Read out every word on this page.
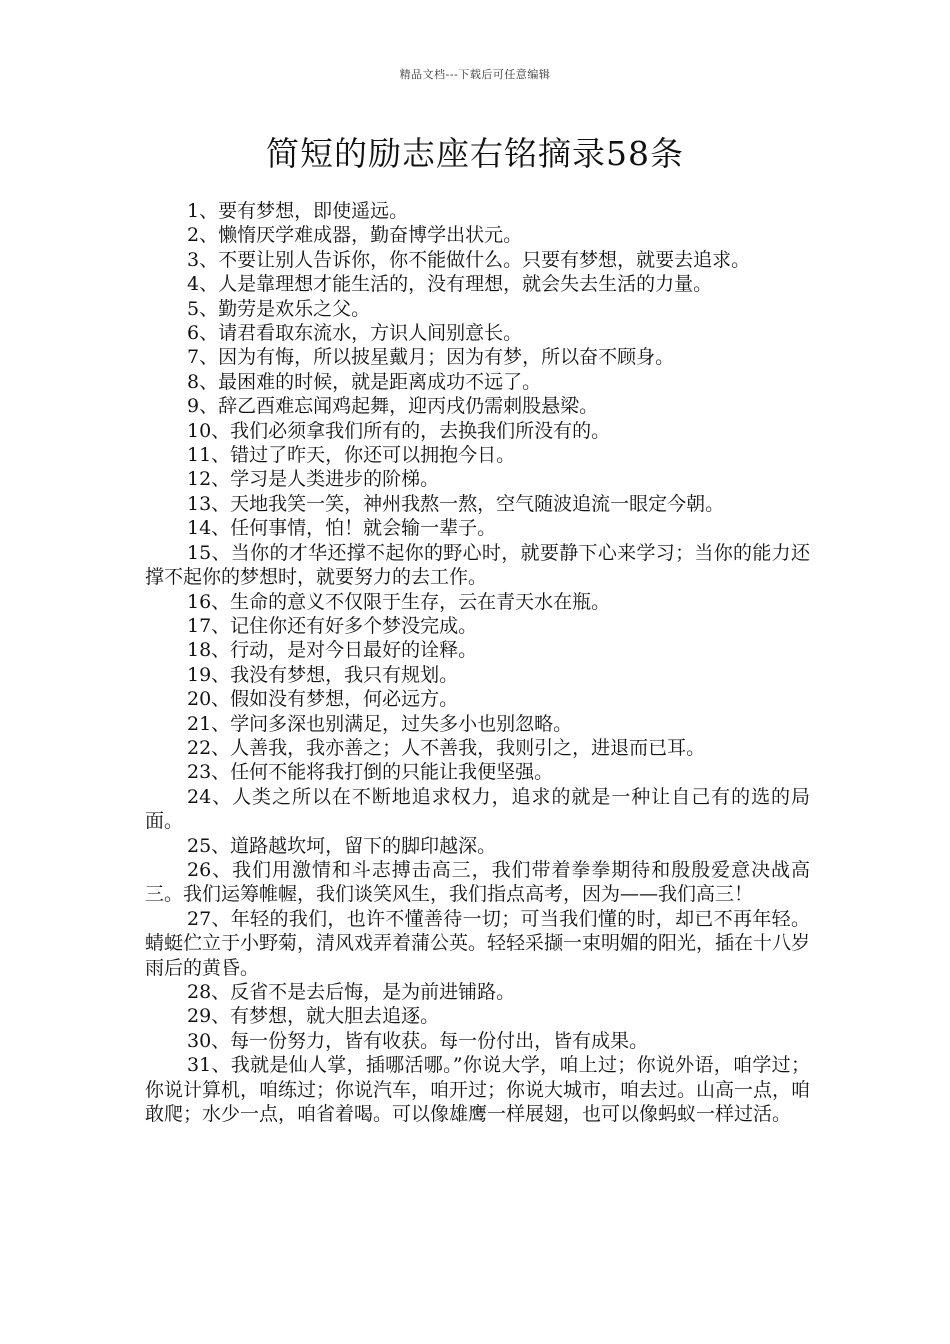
精品文档---下载后可任意编辑
简短的励志座右铭摘录58条

1、要有梦想，即使遥远。

2、懒惰厌学难成器，勤奋博学出状元。

3、不要让别人告诉你，你不能做什么。只要有梦想，就要去追求。

4、人是靠理想才能生活的，没有理想，就会失去生活的力量。

5、勤劳是欢乐之父。

6、请君看取东流水，方识人间别意长。

7、因为有悔，所以披星戴月；因为有梦，所以奋不顾身。

8、最困难的时候，就是距离成功不远了。

9、辞乙酉难忘闻鸡起舞，迎丙戌仍需刺股悬梁。

10、我们必须拿我们所有的，去换我们所没有的。

11、错过了昨天，你还可以拥抱今日。

12、学习是人类进步的阶梯。

13、天地我笑一笑，神州我熬一熬，空气随波追流一眼定今朝。

14、任何事情，怕！就会输一辈子。

15、当你的才华还撑不起你的野心时，就要静下心来学习；当你的能力还撑不起你的梦想时，就要努力的去工作。

16、生命的意义不仅限于生存，云在青天水在瓶。

17、记住你还有好多个梦没完成。

18、行动，是对今日最好的诠释。

19、我没有梦想，我只有规划。

20、假如没有梦想，何必远方。

21、学问多深也别满足，过失多小也别忽略。

22、人善我，我亦善之；人不善我，我则引之，进退而已耳。

23、任何不能将我打倒的只能让我便坚强。

24、人类之所以在不断地追求权力，追求的就是一种让自己有的选的局面。

25、道路越坎坷，留下的脚印越深。

26、我们用激情和斗志搏击高三，我们带着拳拳期待和殷殷爱意决战高三。我们运筹帷幄，我们谈笑风生，我们指点高考，因为——我们高三！

27、年轻的我们，也许不懂善待一切；可当我们懂的时，却已不再年轻。蜻蜓伫立于小野菊，清风戏弄着蒲公英。轻轻采撷一束明媚的阳光，插在十八岁雨后的黄昏。

28、反省不是去后悔，是为前进铺路。

29、有梦想，就大胆去追逐。

30、每一份努力，皆有收获。每一份付出，皆有成果。

31、我就是仙人掌，插哪活哪。”你说大学，咱上过；你说外语，咱学过；你说计算机，咱练过；你说汽车，咱开过；你说大城市，咱去过。山高一点，咱敢爬；水少一点，咱省着喝。可以像雄鹰一样展翅，也可以像蚂蚁一样过活。
